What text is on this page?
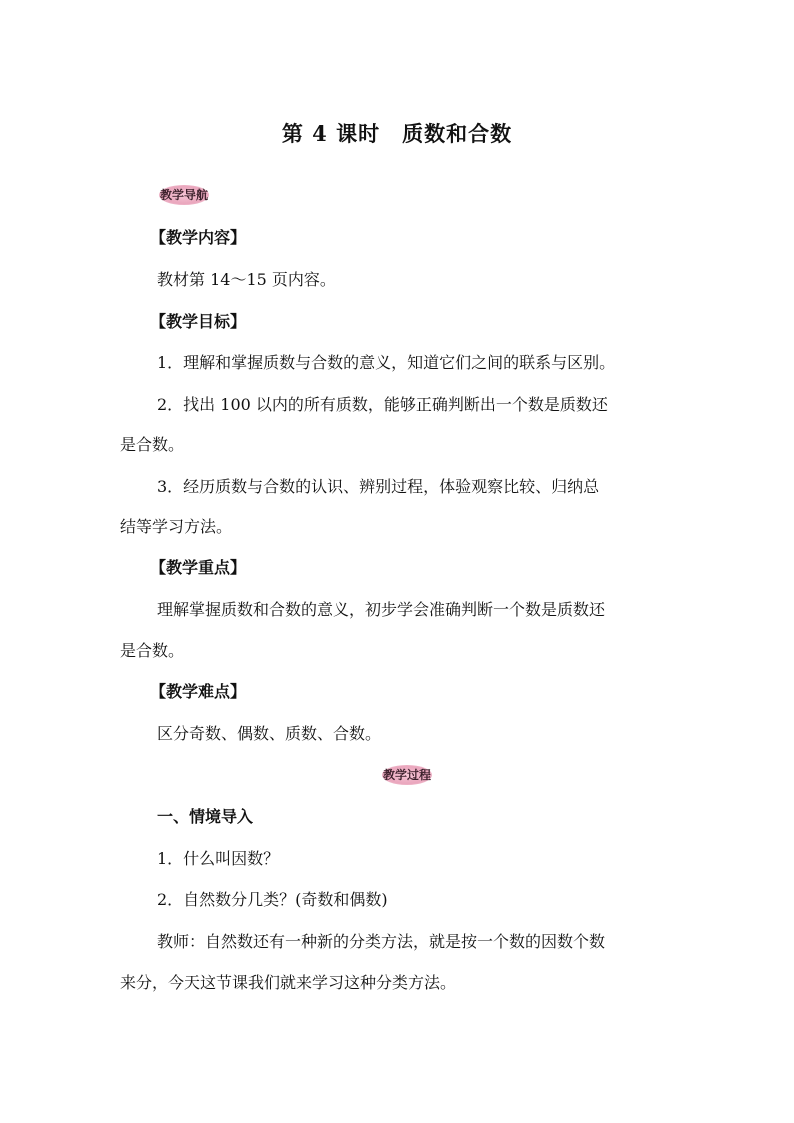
第 4 课时 质数和合数
教学导航
【教学内容】
教材第 14～15 页内容。
【教学目标】
1．理解和掌握质数与合数的意义，知道它们之间的联系与区别。
2．找出 100 以内的所有质数，能够正确判断出一个数是质数还
是合数。
3．经历质数与合数的认识、辨别过程，体验观察比较、归纳总
结等学习方法。
【教学重点】
理解掌握质数和合数的意义，初步学会准确判断一个数是质数还
是合数。
【教学难点】
区分奇数、偶数、质数、合数。
教学过程
一、情境导入
1．什么叫因数？
2．自然数分几类？(奇数和偶数)
教师：自然数还有一种新的分类方法，就是按一个数的因数个数
来分，今天这节课我们就来学习这种分类方法。
